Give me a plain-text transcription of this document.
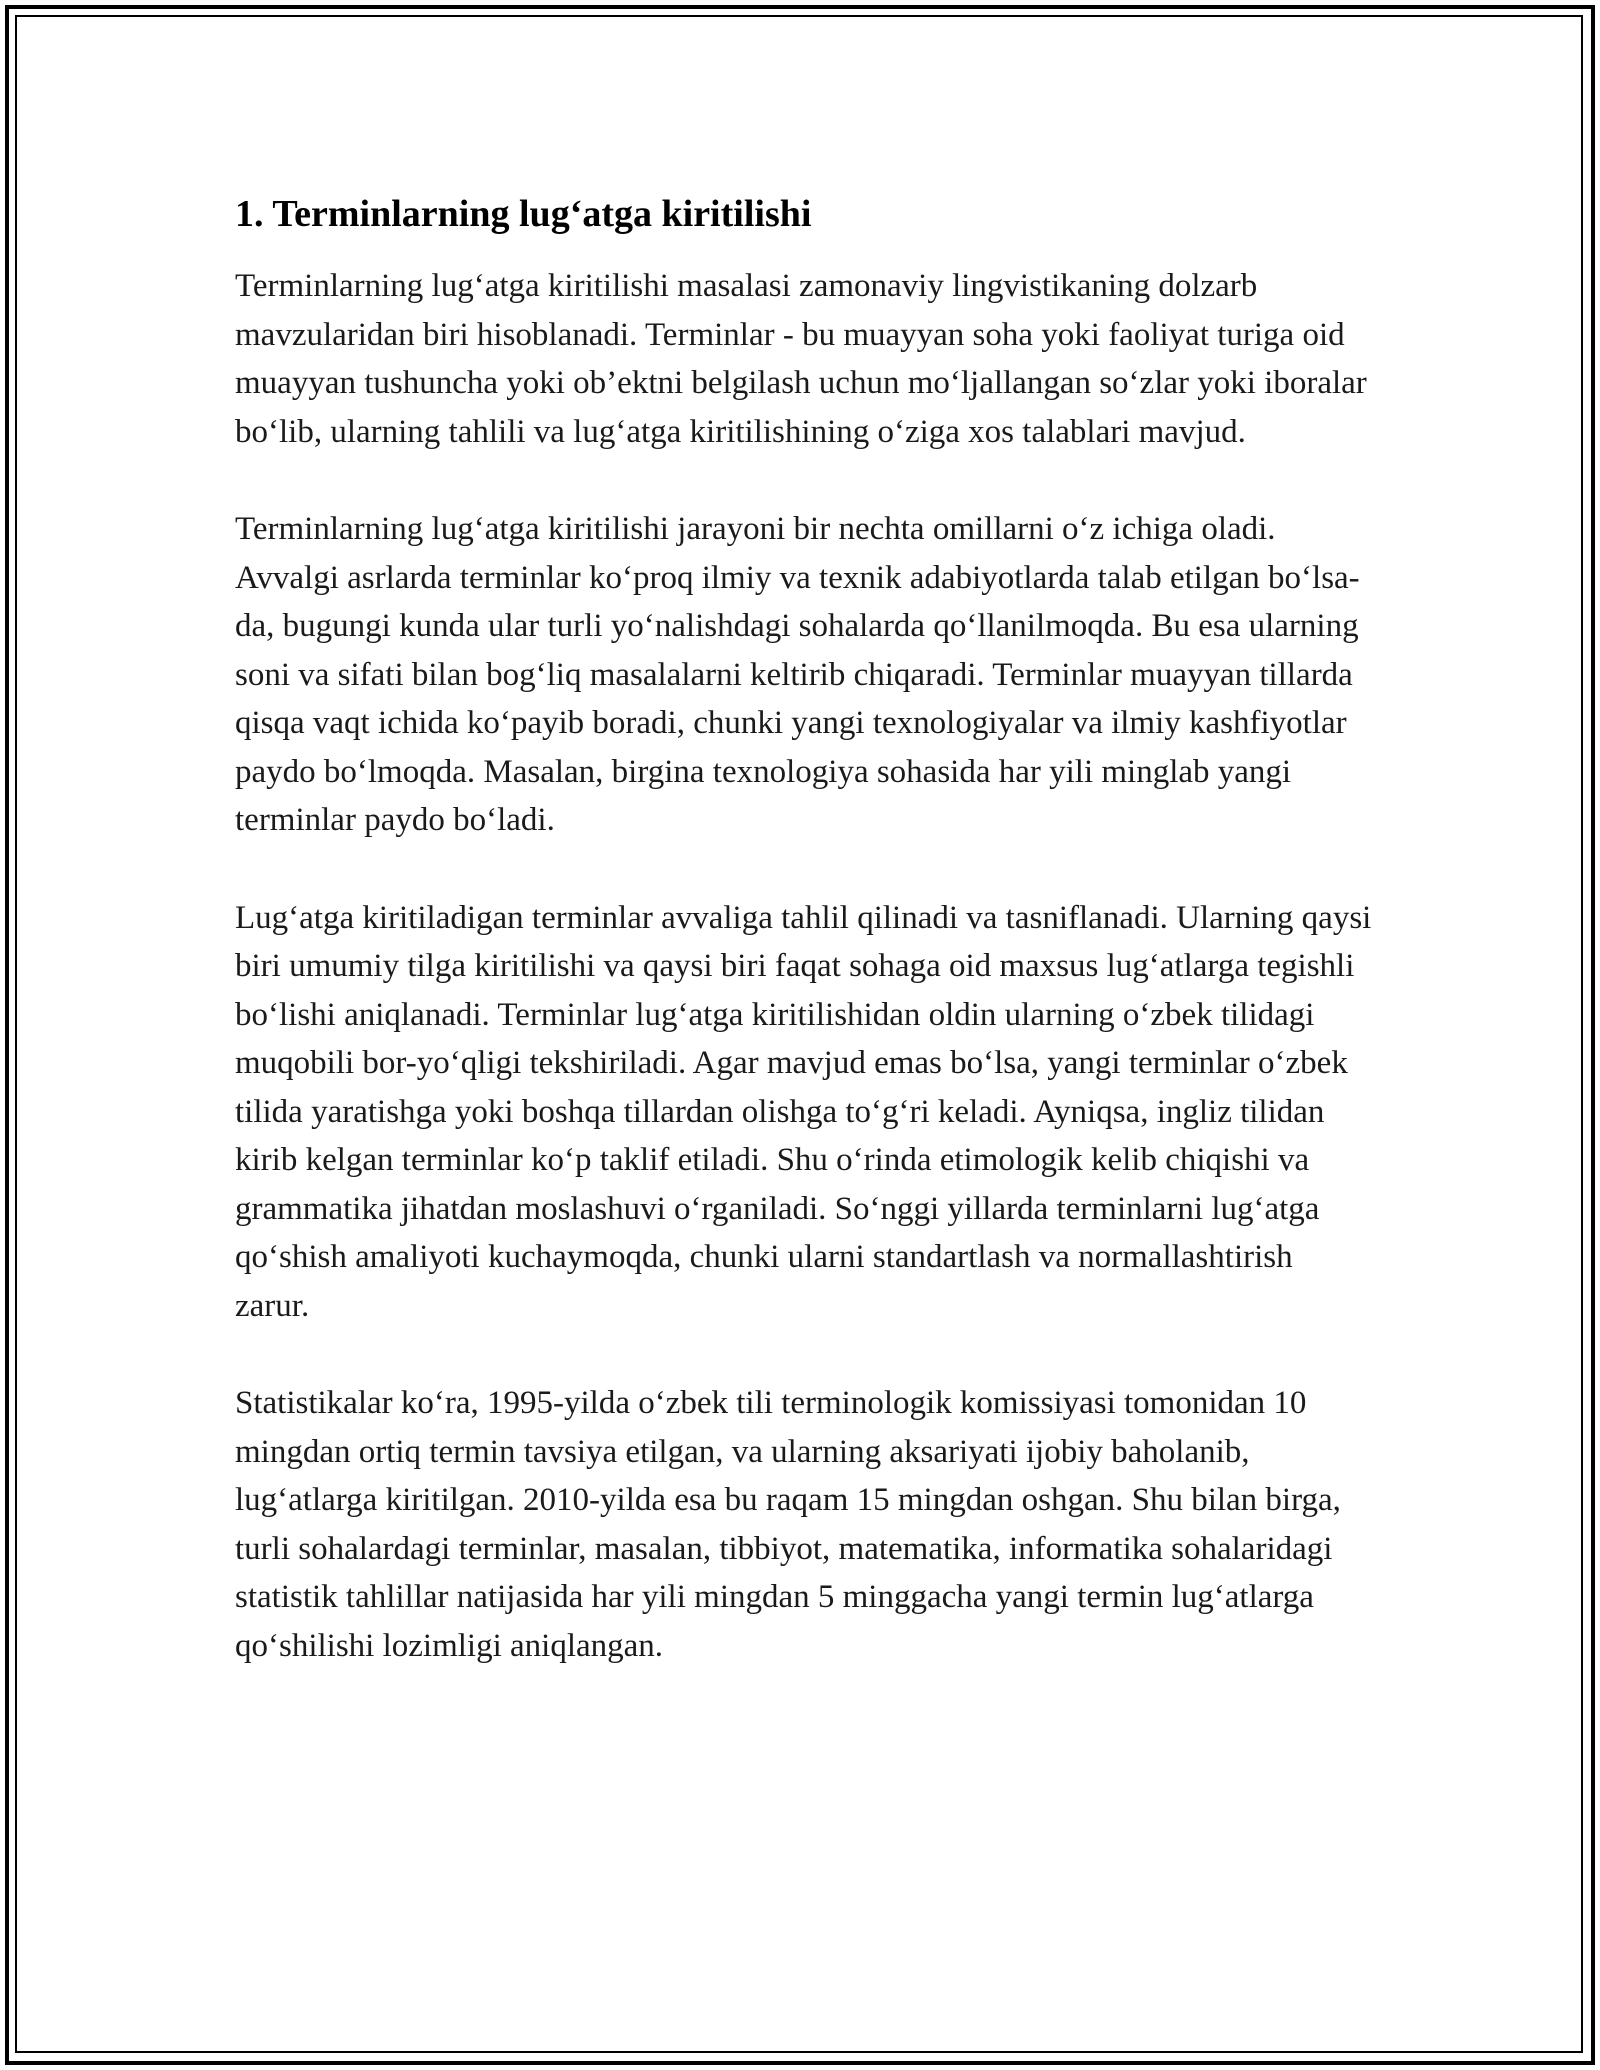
1. Terminlarning lug‘atga kiritilishi

Terminlarning lug‘atga kiritilishi masalasi zamonaviy lingvistikaning dolzarb mavzularidan biri hisoblanadi. Terminlar - bu muayyan soha yoki faoliyat turiga oid muayyan tushuncha yoki ob’ektni belgilash uchun mo‘ljallangan so‘zlar yoki iboralar bo‘lib, ularning tahlili va lug‘atga kiritilishining o‘ziga xos talablari mavjud.

Terminlarning lug‘atga kiritilishi jarayoni bir nechta omillarni o‘z ichiga oladi. Avvalgi asrlarda terminlar ko‘proq ilmiy va texnik adabiyotlarda talab etilgan bo‘lsa-da, bugungi kunda ular turli yo‘nalishdagi sohalarda qo‘llanilmoqda. Bu esa ularning soni va sifati bilan bog‘liq masalalarni keltirib chiqaradi. Terminlar muayyan tillarda qisqa vaqt ichida ko‘payib boradi, chunki yangi texnologiyalar va ilmiy kashfiyotlar paydo bo‘lmoqda. Masalan, birgina texnologiya sohasida har yili minglab yangi terminlar paydo bo‘ladi.

Lug‘atga kiritiladigan terminlar avvaliga tahlil qilinadi va tasniflanadi. Ularning qaysi biri umumiy tilga kiritilishi va qaysi biri faqat sohaga oid maxsus lug‘atlarga tegishli bo‘lishi aniqlanadi. Terminlar lug‘atga kiritilishidan oldin ularning o‘zbek tilidagi muqobili bor-yo‘qligi tekshiriladi. Agar mavjud emas bo‘lsa, yangi terminlar o‘zbek tilida yaratishga yoki boshqa tillardan olishga to‘g‘ri keladi. Ayniqsa, ingliz tilidan kirib kelgan terminlar ko‘p taklif etiladi. Shu o‘rinda etimologik kelib chiqishi va grammatika jihatdan moslashuvi o‘rganiladi. So‘nggi yillarda terminlarni lug‘atga qo‘shish amaliyoti kuchaymoqda, chunki ularni standartlash va normallashtirish zarur.

Statistikalar ko‘ra, 1995-yilda o‘zbek tili terminologik komissiyasi tomonidan 10 mingdan ortiq termin tavsiya etilgan, va ularning aksariyati ijobiy baholanib, lug‘atlarga kiritilgan. 2010-yilda esa bu raqam 15 mingdan oshgan. Shu bilan birga, turli sohalardagi terminlar, masalan, tibbiyot, matematika, informatika sohalaridagi statistik tahlillar natijasida har yili mingdan 5 minggacha yangi termin lug‘atlarga qo‘shilishi lozimligi aniqlangan.
